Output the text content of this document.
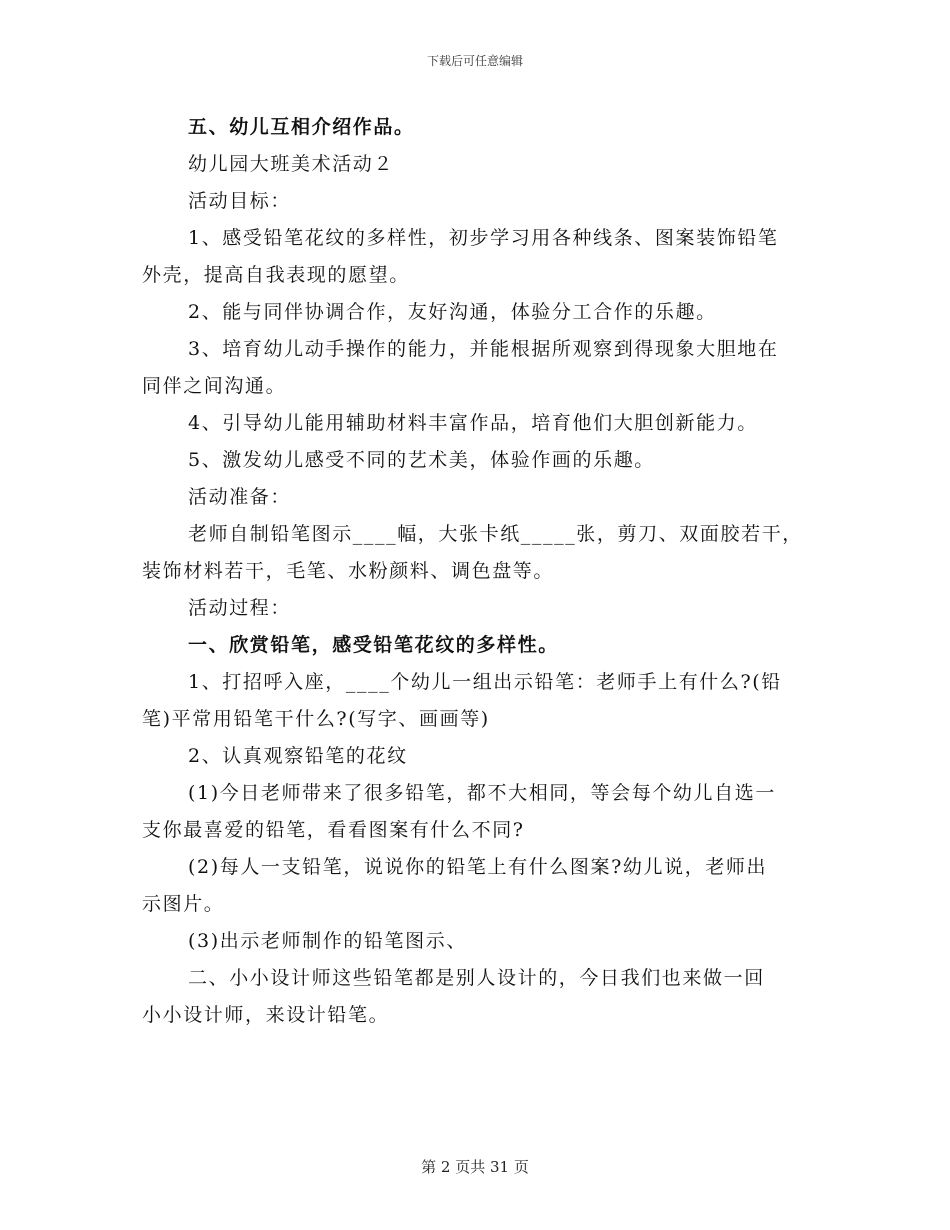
下载后可任意编辑
五、幼儿互相介绍作品。
幼儿园大班美术活动２
活动目标：
1、感受铅笔花纹的多样性，初步学习用各种线条、图案装饰铅笔
外壳，提高自我表现的愿望。
2、能与同伴协调合作，友好沟通，体验分工合作的乐趣。
3、培育幼儿动手操作的能力，并能根据所观察到得现象大胆地在
同伴之间沟通。
4、引导幼儿能用辅助材料丰富作品，培育他们大胆创新能力。
5、激发幼儿感受不同的艺术美，体验作画的乐趣。
活动准备：
老师自制铅笔图示____幅，大张卡纸_____张，剪刀、双面胶若干，
装饰材料若干，毛笔、水粉颜料、调色盘等。
活动过程：
一、欣赏铅笔，感受铅笔花纹的多样性。
1、打招呼入座，____个幼儿一组出示铅笔：老师手上有什么?(铅
笔)平常用铅笔干什么?(写字、画画等)
2、认真观察铅笔的花纹
(1)今日老师带来了很多铅笔，都不大相同，等会每个幼儿自选一
支你最喜爱的铅笔，看看图案有什么不同?
(2)每人一支铅笔，说说你的铅笔上有什么图案?幼儿说，老师出
示图片。
(3)出示老师制作的铅笔图示、
二、小小设计师这些铅笔都是别人设计的，今日我们也来做一回
小小设计师，来设计铅笔。
第 2 页共 31 页
